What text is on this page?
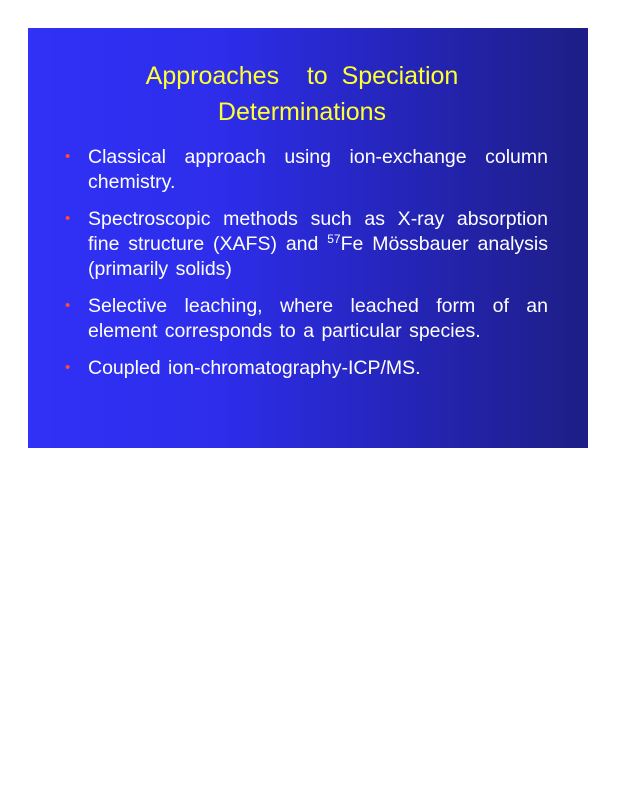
Approaches    to  Speciation
Determinations
• Classical approach using ion-exchange column chemistry.
• Spectroscopic methods such as X-ray absorption fine structure (XAFS) and $^{57}$Fe Mössbauer analysis (primarily solids)
• Selective leaching, where leached form of an element corresponds to a particular species.
• Coupled ion-chromatography-ICP/MS.
